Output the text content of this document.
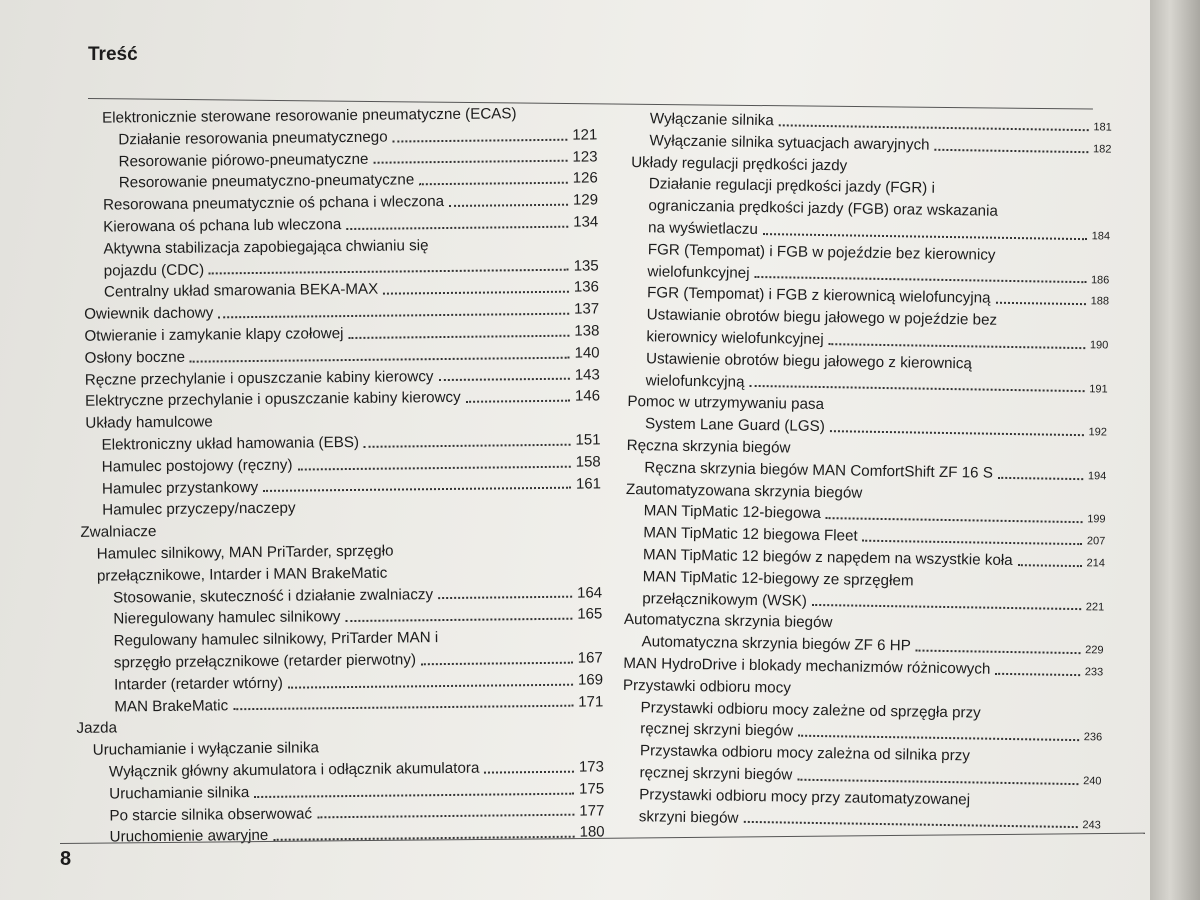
Treść
Elektronicznie sterowane resorowanie pneumatyczne (ECAS)
Działanie resorowania pneumatycznego	121
Resorowanie piórowo-pneumatyczne	123
Resorowanie pneumatyczno-pneumatyczne	126
Resorowana pneumatycznie oś pchana i wleczona	129
Kierowana oś pchana lub wleczona	134
Aktywna stabilizacja zapobiegająca chwianiu się
pojazdu (CDC)	135
Centralny układ smarowania BEKA-MAX	136
Owiewnik dachowy	137
Otwieranie i zamykanie klapy czołowej	138
Osłony boczne	140
Ręczne przechylanie i opuszczanie kabiny kierowcy	143
Elektryczne przechylanie i opuszczanie kabiny kierowcy	146
Układy hamulcowe
Elektroniczny układ hamowania (EBS)	151
Hamulec postojowy (ręczny)	158
Hamulec przystankowy	161
Hamulec przyczepy/naczepy
Zwalniacze
Hamulec silnikowy, MAN PriTarder, sprzęgło
przełącznikowe, Intarder i MAN BrakeMatic
Stosowanie, skuteczność i działanie zwalniaczy	164
Nieregulowany hamulec silnikowy	165
Regulowany hamulec silnikowy, PriTarder MAN i
sprzęgło przełącznikowe (retarder pierwotny)	167
Intarder (retarder wtórny)	169
MAN BrakeMatic	171
Jazda
Uruchamianie i wyłączanie silnika
Wyłącznik główny akumulatora i odłącznik akumulatora	173
Uruchamianie silnika	175
Po starcie silnika obserwować	177
Uruchomienie awaryjne	180
Wyłączanie silnika	181
Wyłączanie silnika sytuacjach awaryjnych	182
Układy regulacji prędkości jazdy
Działanie regulacji prędkości jazdy (FGR) i
ograniczania prędkości jazdy (FGB) oraz wskazania
na wyświetlaczu	184
FGR (Tempomat) i FGB w pojeździe bez kierownicy
wielofunkcyjnej	186
FGR (Tempomat) i FGB z kierownicą wielofuncyjną	188
Ustawianie obrotów biegu jałowego w pojeździe bez
kierownicy wielofunkcyjnej	190
Ustawienie obrotów biegu jałowego z kierownicą
wielofunkcyjną	191
Pomoc w utrzymywaniu pasa
System Lane Guard (LGS)	192
Ręczna skrzynia biegów
Ręczna skrzynia biegów MAN ComfortShift ZF 16 S	194
Zautomatyzowana skrzynia biegów
MAN TipMatic 12-biegowa	199
MAN TipMatic 12 biegowa Fleet	207
MAN TipMatic 12 biegów z napędem na wszystkie koła	214
MAN TipMatic 12-biegowy ze sprzęgłem
przełącznikowym (WSK)	221
Automatyczna skrzynia biegów
Automatyczna skrzynia biegów ZF 6 HP	229
MAN HydroDrive i blokady mechanizmów różnicowych	233
Przystawki odbioru mocy
Przystawki odbioru mocy zależne od sprzęgła przy
ręcznej skrzyni biegów	236
Przystawka odbioru mocy zależna od silnika przy
ręcznej skrzyni biegów	240
Przystawki odbioru mocy przy zautomatyzowanej
skrzyni biegów	243
8
